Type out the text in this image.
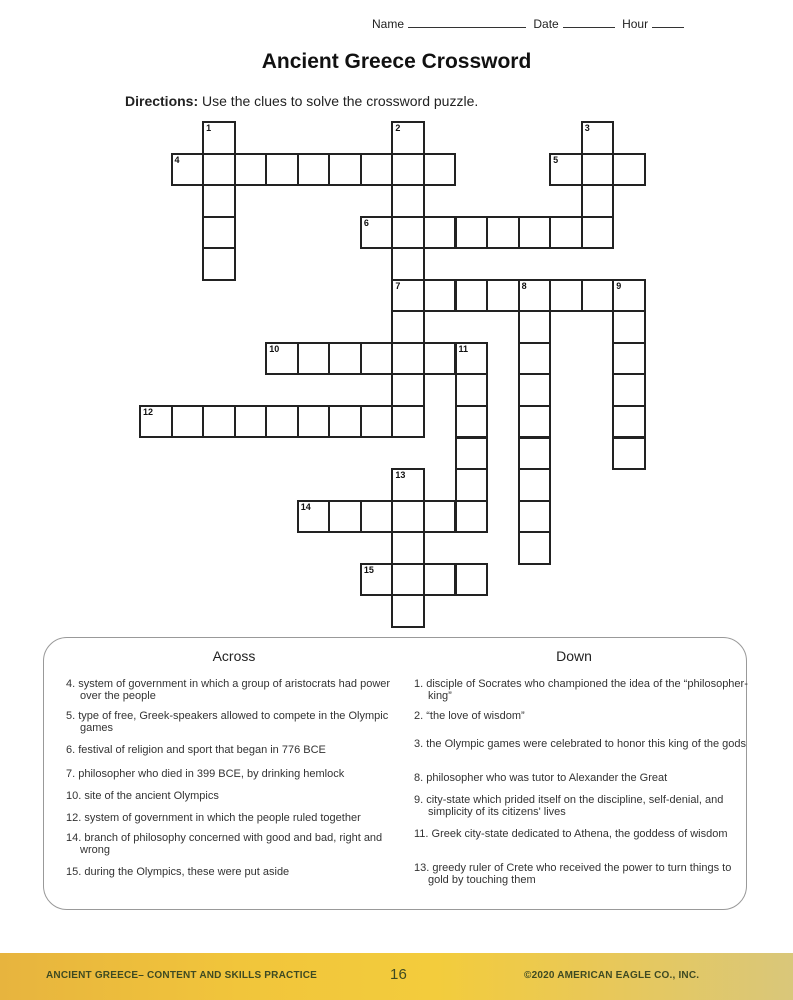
Name	Date	Hour
Ancient Greece Crossword
Directions: Use the clues to solve the crossword puzzle.
1	2
7
3
4	5
6
8	9
10	11
12
13
14
15
Across
4. system of government in which a group of aristocrats had power over the people
5. type of free, Greek-speakers allowed to compete in the Olympic games
6. festival of religion and sport that began in 776 BCE
7. philosopher who died in 399 BCE, by drinking hemlock
10. site of the ancient Olympics
12. system of government in which the people ruled together
14. branch of philosophy concerned with good and bad, right and wrong
15. during the Olympics, these were put aside
Down
1. disciple of Socrates who championed the idea of the “philosopher-king”
2. “the love of wisdom”
3. the Olympic games were celebrated to honor this king of the gods
8. philosopher who was tutor to Alexander the Great
9. city-state which prided itself on the discipline, self-denial, and simplicity of its citizens' lives
11. Greek city-state dedicated to Athena, the goddess of wisdom
13. greedy ruler of Crete who received the power to turn things to gold by touching them
ANCIENT GREECE– CONTENT AND SKILLS PRACTICE	16	©2020 AMERICAN EAGLE CO., INC.
